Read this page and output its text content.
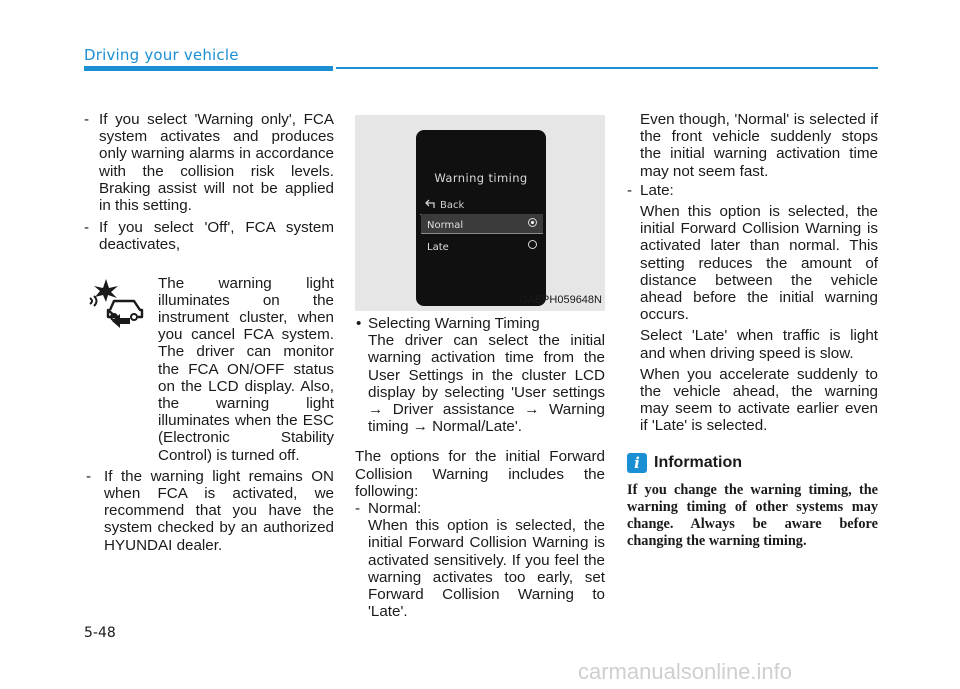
Driving your vehicle
- If you select 'Warning only', FCA system activates and produces only warning alarms in accordance with the collision risk levels. Braking assist will not be applied in this setting.
- If you select 'Off', FCA system deactivates,

The warning light illuminates on the instrument cluster, when you cancel FCA system. The driver can monitor the FCA ON/OFF status on the LCD display. Also, the warning light illuminates when the ESC (Electronic Stability Control) is turned off.

- If the warning light remains ON when FCA is activated, we recommend that you have the system checked by an authorized HYUNDAI dealer.
Warning timing
Back
Normal
Late
OAEPH059648N
• Selecting Warning Timing

The driver can select the initial warning activation time from the User Settings in the cluster LCD display by selecting 'User settings → Driver assistance → Warning timing → Normal/Late'.

The options for the initial Forward Collision Warning includes the following:

- Normal:

When this option is selected, the initial Forward Collision Warning is activated sensitively. If you feel the warning activates too early, set Forward Collision Warning to 'Late'.

Even though, 'Normal' is selected if the front vehicle suddenly stops the initial warning activation time may not seem fast.

- Late:

When this option is selected, the initial Forward Collision Warning is activated later than normal. This setting reduces the amount of distance between the vehicle ahead before the initial warning occurs.

Select 'Late' when traffic is light and when driving speed is slow.

When you accelerate suddenly to the vehicle ahead, the warning may seem to activate earlier even if 'Late' is selected.

i Information

If you change the warning timing, the warning timing of other systems may change. Always be aware before changing the warning timing.

5-48
carmanualsonline.info
